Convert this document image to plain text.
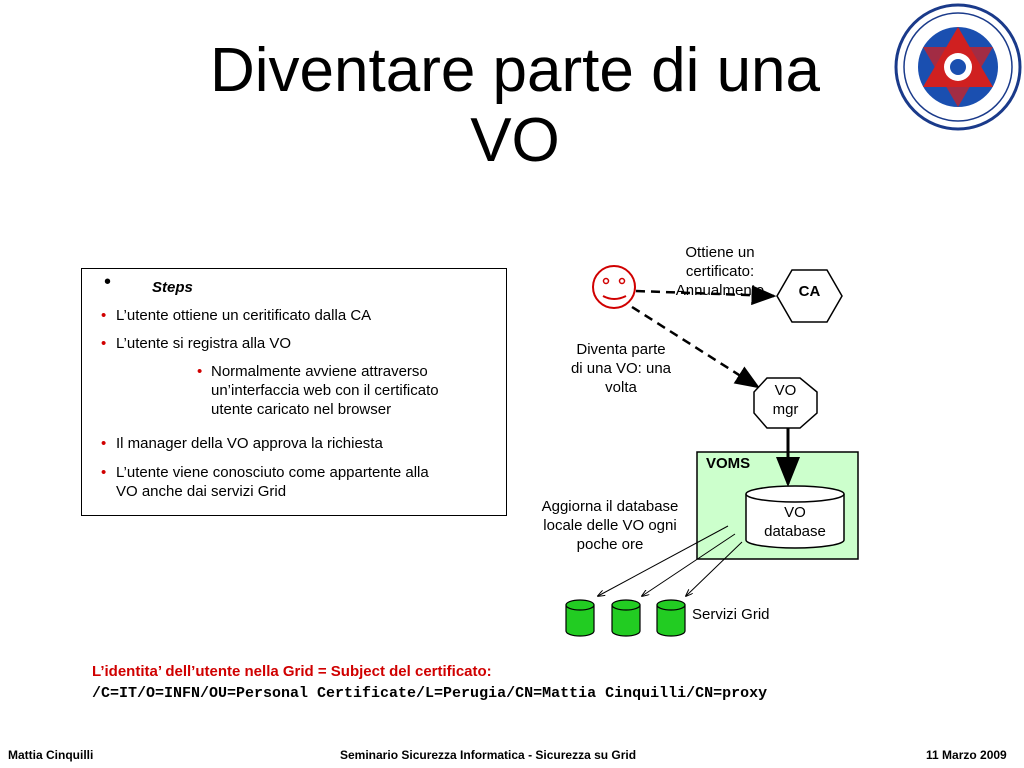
Diventare parte di una
VO
•	Steps
• L’utente ottiene un ceritificato dalla CA
• L’utente si registra alla VO
• Normalmente avviene attraverso
un’interfaccia web con il certificato
utente caricato nel browser
• Il manager della VO approva la richiesta
• L’utente viene conosciuto come appartente alla
VO anche dai servizi Grid
Ottiene un
certificato:
Annualmente	CA
Diventa parte
di una VO: una
volta	VO
mgr
VOMS
VO
database
Aggiorna il database
locale delle VO ogni
poche ore
Servizi Grid
L’identita’ dell’utente nella Grid = Subject del certificato:
/C=IT/O=INFN/OU=Personal Certificate/L=Perugia/CN=Mattia Cinquilli/CN=proxy
Mattia Cinquilli	Seminario Sicurezza Informatica - Sicurezza su Grid	11 Marzo 2009
